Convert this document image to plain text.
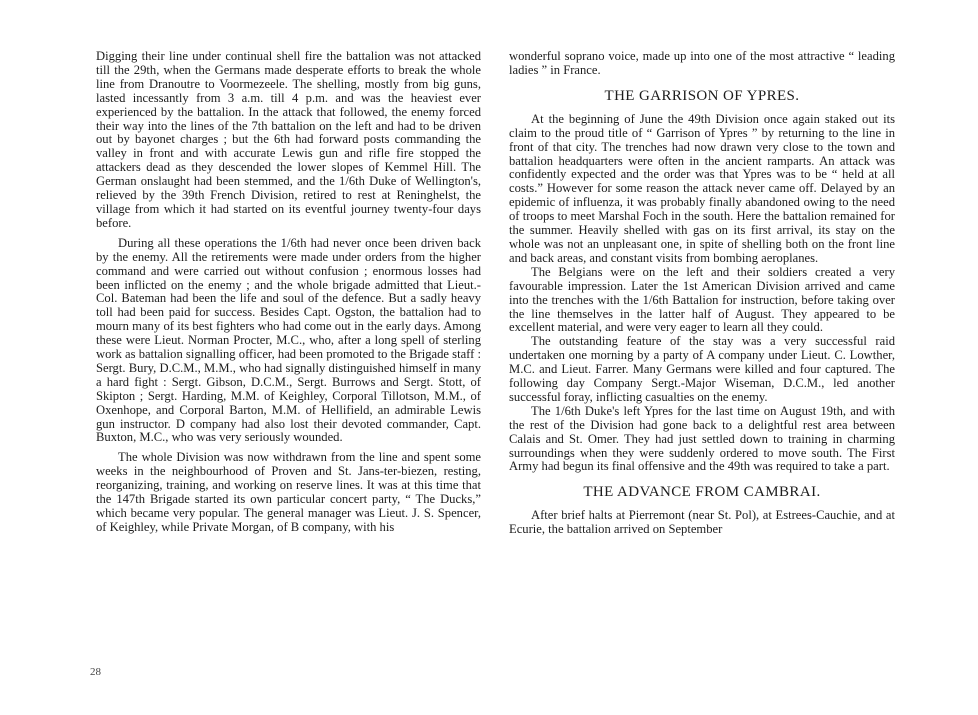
Digging their line under continual shell fire the battalion was not attacked till the 29th, when the Germans made desperate efforts to break the whole line from Dranoutre to Voormezeele. The shelling, mostly from big guns, lasted incessantly from 3 a.m. till 4 p.m. and was the heaviest ever experienced by the battalion. In the attack that followed, the enemy forced their way into the lines of the 7th battalion on the left and had to be driven out by bayonet charges ; but the 6th had forward posts commanding the valley in front and with accurate Lewis gun and rifle fire stopped the attackers dead as they descended the lower slopes of Kemmel Hill. The German onslaught had been stemmed, and the 1/6th Duke of Wellington's, relieved by the 39th French Division, retired to rest at Reninghelst, the village from which it had started on its eventful journey twenty-four days before.

During all these operations the 1/6th had never once been driven back by the enemy. All the retirements were made under orders from the higher command and were carried out without confusion ; enormous losses had been inflicted on the enemy ; and the whole brigade admitted that Lieut.-Col. Bateman had been the life and soul of the defence. But a sadly heavy toll had been paid for success. Besides Capt. Ogston, the battalion had to mourn many of its best fighters who had come out in the early days. Among these were Lieut. Norman Procter, M.C., who, after a long spell of sterling work as battalion signalling officer, had been promoted to the Brigade staff : Sergt. Bury, D.C.M., M.M., who had signally distinguished himself in many a hard fight : Sergt. Gibson, D.C.M., Sergt. Burrows and Sergt. Stott, of Skipton ; Sergt. Harding, M.M. of Keighley, Corporal Tillotson, M.M., of Oxenhope, and Corporal Barton, M.M. of Hellifield, an admirable Lewis gun instructor. D company had also lost their devoted commander, Capt. Buxton, M.C., who was very seriously wounded.

The whole Division was now withdrawn from the line and spent some weeks in the neighbourhood of Proven and St. Jans-ter-biezen, resting, reorganizing, training, and working on reserve lines. It was at this time that the 147th Brigade started its own particular concert party, “ The Ducks,” which became very popular. The general manager was Lieut. J. S. Spencer, of Keighley, while Private Morgan, of B company, with his

28

wonderful soprano voice, made up into one of the most attractive “ leading ladies ” in France.

THE GARRISON OF YPRES.

At the beginning of June the 49th Division once again staked out its claim to the proud title of “ Garrison of Ypres ” by returning to the line in front of that city. The trenches had now drawn very close to the town and battalion headquarters were often in the ancient ramparts. An attack was confidently expected and the order was that Ypres was to be “ held at all costs.” However for some reason the attack never came off. Delayed by an epidemic of influenza, it was probably finally abandoned owing to the need of troops to meet Marshal Foch in the south. Here the battalion remained for the summer. Heavily shelled with gas on its first arrival, its stay on the whole was not an unpleasant one, in spite of shelling both on the front line and back areas, and constant visits from bombing aeroplanes.

The Belgians were on the left and their soldiers created a very favourable impression. Later the 1st American Division arrived and came into the trenches with the 1/6th Battalion for instruction, before taking over the line themselves in the latter half of August. They appeared to be excellent material, and were very eager to learn all they could.

The outstanding feature of the stay was a very successful raid undertaken one morning by a party of A company under Lieut. C. Lowther, M.C. and Lieut. Farrer. Many Germans were killed and four captured. The following day Company Sergt.-Major Wiseman, D.C.M., led another successful foray, inflicting casualties on the enemy.

The 1/6th Duke's left Ypres for the last time on August 19th, and with the rest of the Division had gone back to a delightful rest area between Calais and St. Omer. They had just settled down to training in charming surroundings when they were suddenly ordered to move south. The First Army had begun its final offensive and the 49th was required to take a part.

THE ADVANCE FROM CAMBRAI.

After brief halts at Pierremont (near St. Pol), at Estrees-Cauchie, and at Ecurie, the battalion arrived on September
